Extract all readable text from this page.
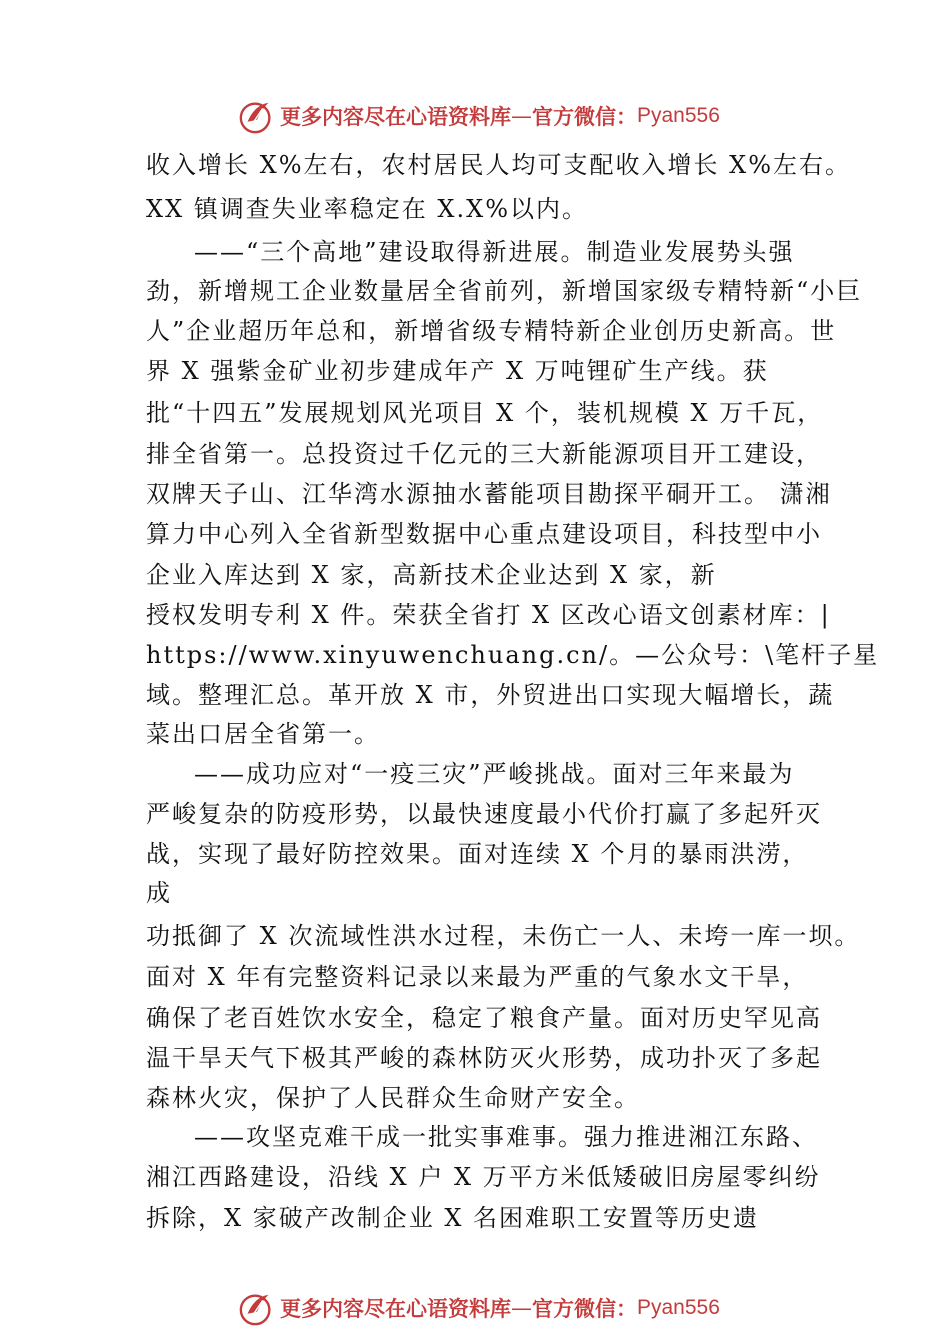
更多内容尽在心语资料库 — 官方微信： Pyan556
收入增长 X%左右，农村居民人均可支配收入增长 X%左右。
XX 镇调查失业率稳定在 X.X%以内。
——“三个高地”建设取得新进展。制造业发展势头强
劲，新增规工企业数量居全省前列，新增国家级专精特新“小巨
人”企业超历年总和，新增省级专精特新企业创历史新高。世
界 X 强紫金矿业初步建成年产 X 万吨锂矿生产线。获
批“十四五”发展规划风光项目 X 个，装机规模 X 万千瓦，
排全省第一。总投资过千亿元的三大新能源项目开工建设，
双牌天子山、江华湾水源抽水蓄能项目勘探平硐开工。 潇湘
算力中心列入全省新型数据中心重点建设项目，科技型中小
企业入库达到 X 家，高新技术企业达到 X 家，新
授权发明专利 X 件。荣获全省打 X 区改心语文创素材库：|
https://www.xinyuwenchuang.cn/。—公众号：\笔杆子星
域。整理汇总。革开放 X 市，外贸进出口实现大幅增长，蔬
菜出口居全省第一。
——成功应对“一疫三灾”严峻挑战。面对三年来最为
严峻复杂的防疫形势，以最快速度最小代价打赢了多起歼灭
战，实现了最好防控效果。面对连续 X 个月的暴雨洪涝，
成
功抵御了 X 次流域性洪水过程，未伤亡一人、未垮一库一坝。
面对 X 年有完整资料记录以来最为严重的气象水文干旱，
确保了老百姓饮水安全，稳定了粮食产量。面对历史罕见高
温干旱天气下极其严峻的森林防灭火形势，成功扑灭了多起
森林火灾，保护了人民群众生命财产安全。
——攻坚克难干成一批实事难事。强力推进湘江东路、
湘江西路建设，沿线 X 户 X 万平方米低矮破旧房屋零纠纷
拆除，X 家破产改制企业 X 名困难职工安置等历史遗
更多内容尽在心语资料库 — 官方微信： Pyan556
